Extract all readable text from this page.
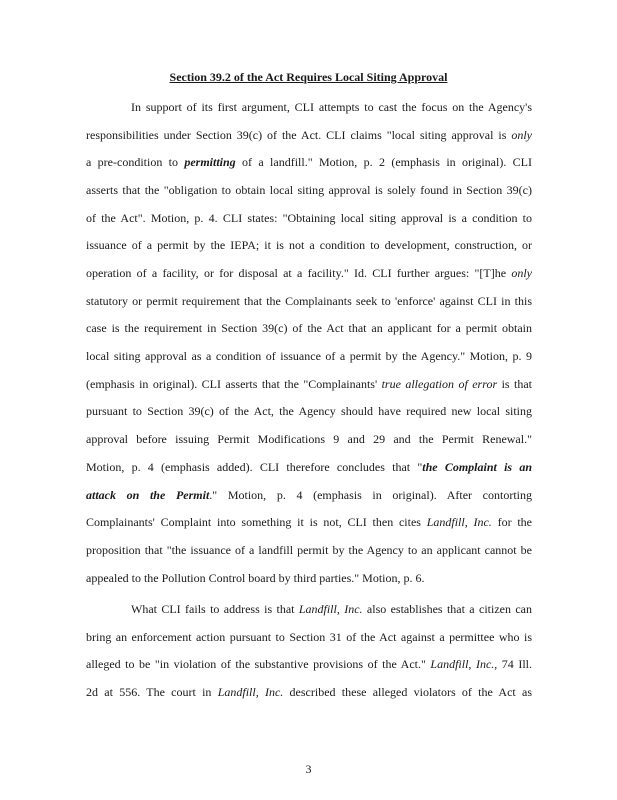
Section 39.2 of the Act Requires Local Siting Approval
In support of its first argument, CLI attempts to cast the focus on the Agency's
responsibilities under Section 39(c) of the Act. CLI claims "local siting approval is only
a pre-condition to permitting of a landfill." Motion, p. 2 (emphasis in original). CLI
asserts that the "obligation to obtain local siting approval is solely found in Section 39(c)
of the Act". Motion, p. 4. CLI states: "Obtaining local siting approval is a condition to
issuance of a permit by the IEPA; it is not a condition to development, construction, or
operation of a facility, or for disposal at a facility." Id. CLI further argues: "[T]he only
statutory or permit requirement that the Complainants seek to 'enforce' against CLI in this
case is the requirement in Section 39(c) of the Act that an applicant for a permit obtain
local siting approval as a condition of issuance of a permit by the Agency." Motion, p. 9
(emphasis in original). CLI asserts that the "Complainants' true allegation of error is that
pursuant to Section 39(c) of the Act, the Agency should have required new local siting
approval before issuing Permit Modifications 9 and 29 and the Permit Renewal."
Motion, p. 4 (emphasis added). CLI therefore concludes that "the Complaint is an
attack on the Permit." Motion, p. 4 (emphasis in original). After contorting
Complainants' Complaint into something it is not, CLI then cites Landfill, Inc. for the
proposition that "the issuance of a landfill permit by the Agency to an applicant cannot be
appealed to the Pollution Control board by third parties." Motion, p. 6.
What CLI fails to address is that Landfill, Inc. also establishes that a citizen can
bring an enforcement action pursuant to Section 31 of the Act against a permittee who is
alleged to be "in violation of the substantive provisions of the Act." Landfill, Inc., 74 Ill.
2d at 556. The court in Landfill, Inc. described these alleged violators of the Act as
3
